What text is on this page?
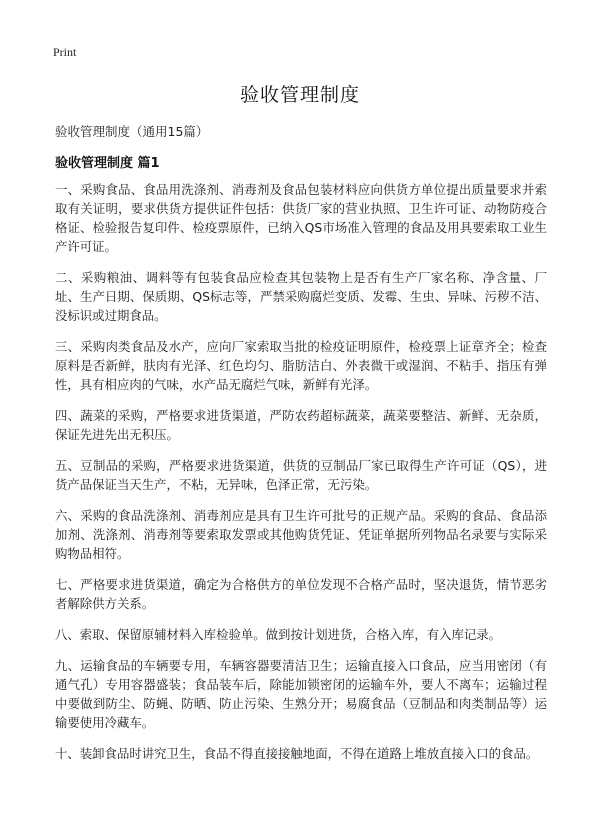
Print
验收管理制度
验收管理制度（通用15篇）
验收管理制度 篇1

一、采购食品、食品用洗涤剂、消毒剂及食品包装材料应向供货方单位提出质量要求并索取有关证明，要求供货方提供证件包括：供货厂家的营业执照、卫生许可证、动物防疫合格证、检验报告复印件、检疫票原件，已纳入QS市场准入管理的食品及用具要索取工业生产许可证。

二、采购粮油、调料等有包装食品应检查其包装物上是否有生产厂家名称、净含量、厂址、生产日期、保质期、QS标志等，严禁采购腐烂变质、发霉、生虫、异味、污秽不洁、没标识或过期食品。

三、采购肉类食品及水产，应向厂家索取当批的检疫证明原件，检疫票上证章齐全；检查原料是否新鲜，肤肉有光泽、红色均匀、脂肪洁白、外表微干或湿润、不粘手、指压有弹性，具有相应肉的气味，水产品无腐烂气味，新鲜有光泽。

四、蔬菜的采购，严格要求进货渠道，严防农药超标蔬菜，蔬菜要整洁、新鲜、无杂质，保证先进先出无积压。

五、豆制品的采购，严格要求进货渠道，供货的豆制品厂家已取得生产许可证（QS），进货产品保证当天生产，不粘，无异味，色泽正常，无污染。

六、采购的食品洗涤剂、消毒剂应是具有卫生许可批号的正规产品。采购的食品、食品添加剂、洗涤剂、消毒剂等要索取发票或其他购货凭证、凭证单据所列物品名录要与实际采购物品相符。

七、严格要求进货渠道，确定为合格供方的单位发现不合格产品时，坚决退货，情节恶劣者解除供方关系。

八、索取、保留原辅材料入库检验单。做到按计划进货，合格入库，有入库记录。

九、运输食品的车辆要专用，车辆容器要清洁卫生；运输直接入口食品，应当用密闭（有通气孔）专用容器盛装；食品装车后，除能加锁密闭的运输车外，要人不离车；运输过程中要做到防尘、防蝇、防晒、防止污染、生熟分开；易腐食品（豆制品和肉类制品等）运输要使用冷藏车。

十、装卸食品时讲究卫生，食品不得直接接触地面，不得在道路上堆放直接入口的食品。
